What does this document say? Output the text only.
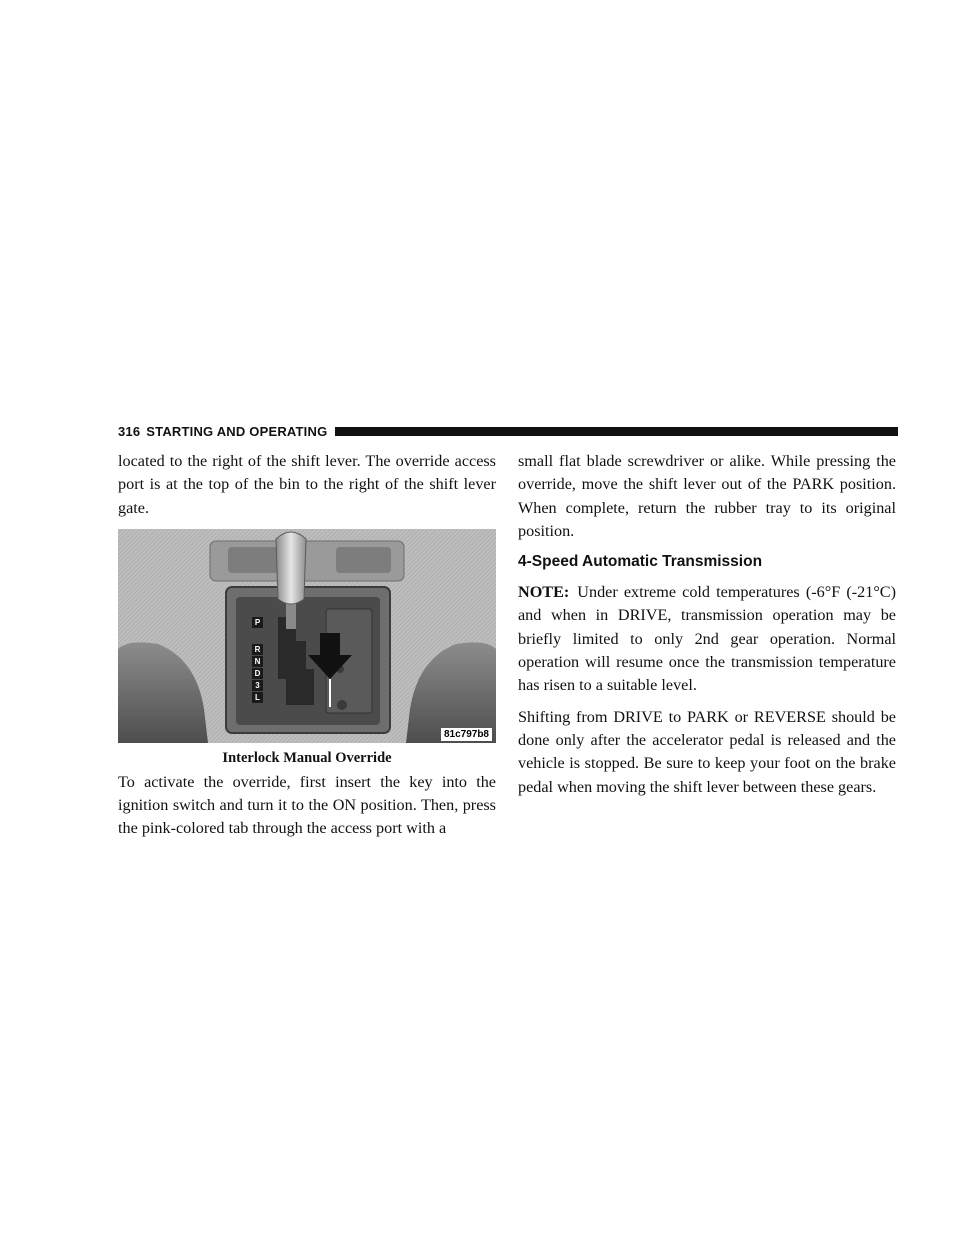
316 STARTING AND OPERATING

located to the right of the shift lever. The override access port is at the top of the bin to the right of the shift lever gate.

P
R
N
D
3
L
81c797b8
Interlock Manual Override

To activate the override, first insert the key into the ignition switch and turn it to the ON position. Then, press the pink-colored tab through the access port with a

small flat blade screwdriver or alike. While pressing the override, move the shift lever out of the PARK position. When complete, return the rubber tray to its original position.

4-Speed Automatic Transmission

NOTE: Under extreme cold temperatures (-6°F (-21°C) and when in DRIVE, transmission operation may be briefly limited to only 2nd gear operation. Normal operation will resume once the transmission temperature has risen to a suitable level.

Shifting from DRIVE to PARK or REVERSE should be done only after the accelerator pedal is released and the vehicle is stopped. Be sure to keep your foot on the brake pedal when moving the shift lever between these gears.
